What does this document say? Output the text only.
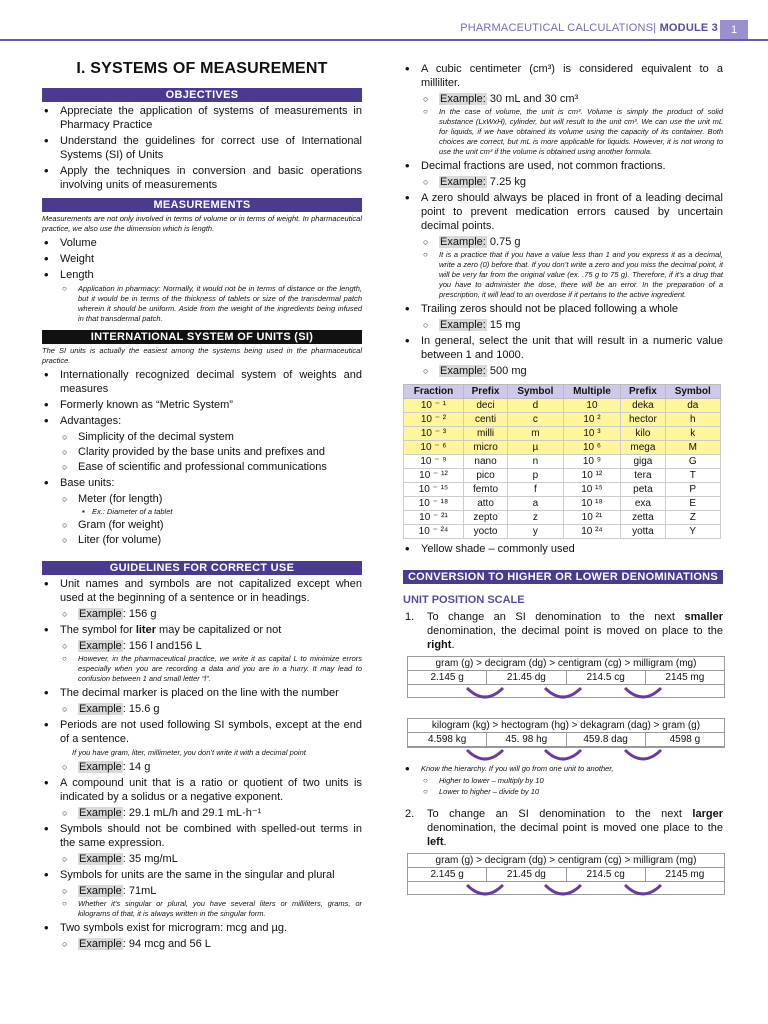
PHARMACEUTICAL CALCULATIONS| MODULE 3	1
I. SYSTEMS OF MEASUREMENT
OBJECTIVES
• Appreciate the application of systems of measurements in Pharmacy Practice
• Understand the guidelines for correct use of International Systems (SI) of Units
• Apply the techniques in conversion and basic operations involving units of measurements
MEASUREMENTS
Measurements are not only involved in terms of volume or in terms of weight. In pharmaceutical practice, we also use the dimension which is length.
• Volume
• Weight
• Length
○ Application in pharmacy: Normally, it would not be in terms of distance or the length, but it would be in terms of the thickness of tablets or size of the transdermal patch wherein it should be uniform. Aside from the weight of the ingredients being infused in that transdermal patch.
INTERNATIONAL SYSTEM OF UNITS (SI)
The SI units is actually the easiest among the systems being used in the pharmaceutical practice.
• Internationally recognized decimal system of weights and measures
• Formerly known as “Metric System”
• Advantages:
○ Simplicity of the decimal system
○ Clarity provided by the base units and prefixes and
○ Ease of scientific and professional communications
• Base units:
○ Meter (for length)
▪ Ex.: Diameter of a tablet
○ Gram (for weight)
○ Liter (for volume)
GUIDELINES FOR CORRECT USE
• Unit names and symbols are not capitalized except when used at the beginning of a sentence or in headings.
○ Example: 156 g
• The symbol for liter may be capitalized or not
○ Example: 156 l and156 L
○ However, in the pharmaceutical practice, we write it as capital L to minimize errors especially when you are recording a data and you are in a hurry. It may lead to confusion between 1 and small letter “l”.
• The decimal marker is placed on the line with the number
○ Example: 15.6 g
• Periods are not used following SI symbols, except at the end of a sentence.
If you have gram, liter, millimeter, you don’t write it with a decimal point
○ Example: 14 g
• A compound unit that is a ratio or quotient of two units is indicated by a solidus or a negative exponent.
○ Example: 29.1 mL/h and 29.1 mL·h⁻¹
• Symbols should not be combined with spelled-out terms in the same expression.
○ Example: 35 mg/mL
• Symbols for units are the same in the singular and plural
○ Example: 71mL
○ Whether it’s singular or plural, you have several liters or milliliters, grams, or kilograms of that, it is always written in the singular form.
• Two symbols exist for microgram: mcg and µg.
○ Example: 94 mcg and 56 L
• A cubic centimeter (cm³) is considered equivalent to a milliliter.
○ Example: 30 mL and 30 cm³
○ In the case of volume, the unit is cm³. Volume is simply the product of solid substance (LxWxH), cylinder, but will result to the unit cm³. We can use the unit mL for liquids, if we have obtained its volume using the capacity of its container. Both choices are correct, but mL is more applicable for liquids. However, it is not wrong to use the unit cm³ if the volume is obtained using another formula.
• Decimal fractions are used, not common fractions.
○ Example: 7.25 kg
• A zero should always be placed in front of a leading decimal point to prevent medication errors caused by uncertain decimal points.
○ Example: 0.75 g
○ It is a practice that if you have a value less than 1 and you express it as a decimal, write a zero (0) before that. If you don’t write a zero and you miss the decimal point, it will be very far from the original value (ex. .75 g to 75 g). Therefore, if it’s a drug that you have to administer the dose, there will be an error. In the preparation of a prescription, it will lead to an overdose if it pertains to the active ingredient.
• Trailing zeros should not be placed following a whole
○ Example: 15 mg
• In general, select the unit that will result in a numeric value between 1 and 1000.
○ Example: 500 mg
Fraction	Prefix	Symbol	Multiple	Prefix	Symbol
10 ⁻ ¹	deci	d	10	deka	da
10 ⁻ ²	centi	c	10 ²	hector	h
10 ⁻ ³	milli	m	10 ³	kilo	k
10 ⁻ ⁶	micro	µ	10 ⁶	mega	M
10 ⁻ ⁹	nano	n	10 ⁹	giga	G
10 ⁻ ¹²	pico	p	10 ¹²	tera	T
10 ⁻ ¹⁵	femto	f	10 ¹⁵	peta	P
10 ⁻ ¹⁸	atto	a	10 ¹⁸	exa	E
10 ⁻ ²¹	zepto	z	10 ²¹	zetta	Z
10 ⁻ ²⁴	yocto	y	10 ²⁴	yotta	Y
• Yellow shade – commonly used
CONVERSION TO HIGHER OR LOWER DENOMINATIONS
UNIT POSITION SCALE
1. To change an SI denomination to the next smaller denomination, the decimal point is moved on place to the right.
gram (g) > decigram (dg) > centigram (cg) > milligram (mg)
2.145 g	21.45 dg	214.5 cg	2145 mg
kilogram (kg) > hectogram (hg) > dekagram (dag) > gram (g)
4.598 kg	45. 98 hg	459.8 dag	4598 g
• Know the hierarchy. If you will go from one unit to another,
○ Higher to lower – multiply by 10
○ Lower to higher – divide by 10
2. To change an SI denomination to the next larger denomination, the decimal point is moved one place to the left.
gram (g) > decigram (dg) > centigram (cg) > milligram (mg)
2.145 g	21.45 dg	214.5 cg	2145 mg
